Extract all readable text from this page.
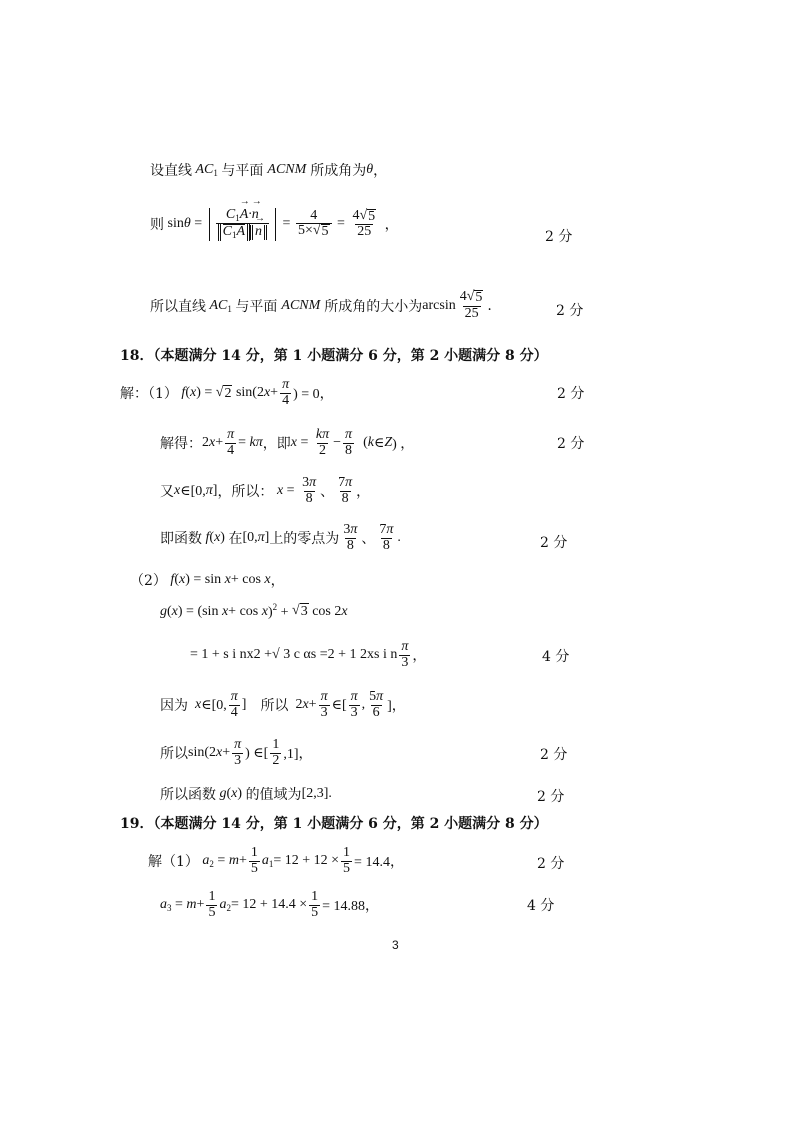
设直线 $AC_1$ 与平面 ACNM 所成角为 θ ，
则 $\sin \theta = C_1\to A\cdot\to n$
$C_1A$
→ $n = \frac{4}{5\times √ 5} = \frac{4 √ 5}{25}$ ，
2 分
所以直线 $AC_1$ 与平面 ACNM 所成角的大小为 $\arcsin \frac{4 √ 5}{25}$ .	2 分
18．（本题满分 14 分，第 1 小题满分 6 分，第 2 小题满分 8 分）
解：（1） f ( x ) = √ 2 sin(2 $x + \frac{\pi}{4}$ ) = 0，	2 分
解得： 2 $x + \frac{\pi}{4} = k\pi$ ，即 $x = \frac{k\pi}{2} - \frac{\pi}{8}$ ( k ∈ Z ) ，	2 分
又 x ∈[0, π ] ，所以： $x = \frac{3\pi}{8}$ 、 $\frac{7\pi}{8}$ ，
即函数 f ( x ) 在 [0, π ] 上的零点为 $\frac{3\pi}{8}$ 、 $\frac{7\pi}{8}$ .	2 分
（2） f ( x ) = sin x + cos x ，
g ( x ) = (sin x + cos x )$^2$ + √ 3 cos 2 x
= 1 + s i nx2 +√ 3 c αs =2 + 1 2xs i n $\frac{\pi}{3}$ ，	4 分
因为 x ∈[0, $\frac{\pi}{4}$ ] 所以 2 $x + \frac{\pi}{3}$ ∈[ $\frac{\pi}{3}$ , $\frac{5\pi}{6}$ ]，
所以 sin(2 $x + \frac{\pi}{3}$ ) ∈[ $\frac{1}{2} ,1$]，	2 分
所以函数 g ( x ) 的值域为 [2,3].	2 分
19．（本题满分 14 分，第 1 小题满分 6 分，第 2 小题满分 8 分）
解（1） $a_2 = m + \frac{1}{5} a_1 = 12 + 12 \times \frac{1}{5} = 14.4$，	2 分
$a_3 = m + \frac{1}{5} a_2 = 12 + 14.4 \times \frac{1}{5} = 14.88$，	4 分
3
